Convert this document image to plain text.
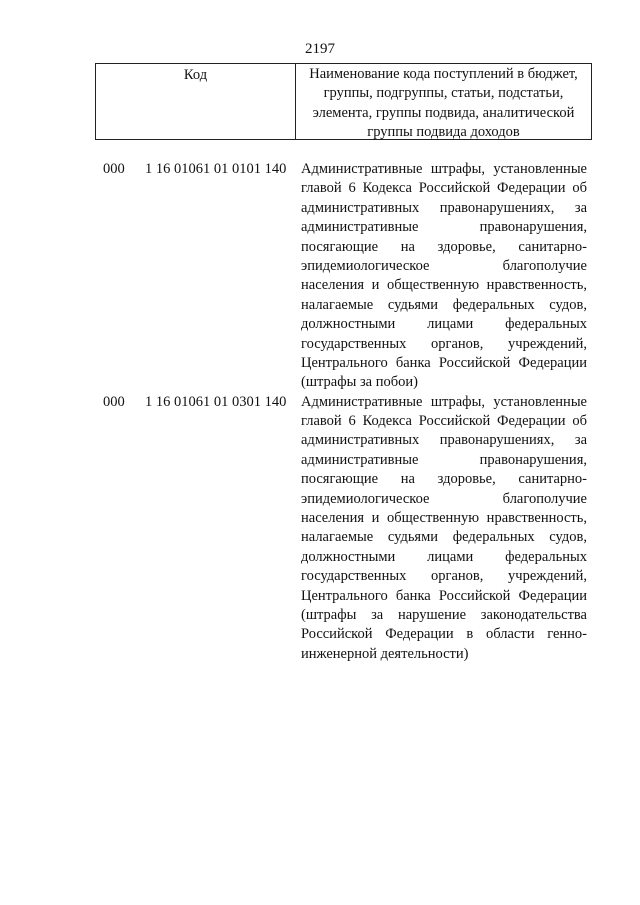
2197
Код	Наименование кода поступлений в бюджет,
группы, подгруппы, статьи, подстатьи,
элемента, группы подвида, аналитической
группы подвида доходов
000 1 16 01061 01 0101 140 Административные штрафы, установленные
главой 6 Кодекса Российской Федерации об
административных правонарушениях, за
административные правонарушения,
посягающие на здоровье, санитарно-
эпидемиологическое благополучие
населения и общественную нравственность,
налагаемые судьями федеральных судов,
должностными лицами федеральных
государственных органов, учреждений,
Центрального банка Российской Федерации
(штрафы за побои)
000 1 16 01061 01 0301 140 Административные штрафы, установленные
главой 6 Кодекса Российской Федерации об
административных правонарушениях, за
административные правонарушения,
посягающие на здоровье, санитарно-
эпидемиологическое благополучие
населения и общественную нравственность,
налагаемые судьями федеральных судов,
должностными лицами федеральных
государственных органов, учреждений,
Центрального банка Российской Федерации
(штрафы за нарушение законодательства
Российской Федерации в области генно-
инженерной деятельности)
